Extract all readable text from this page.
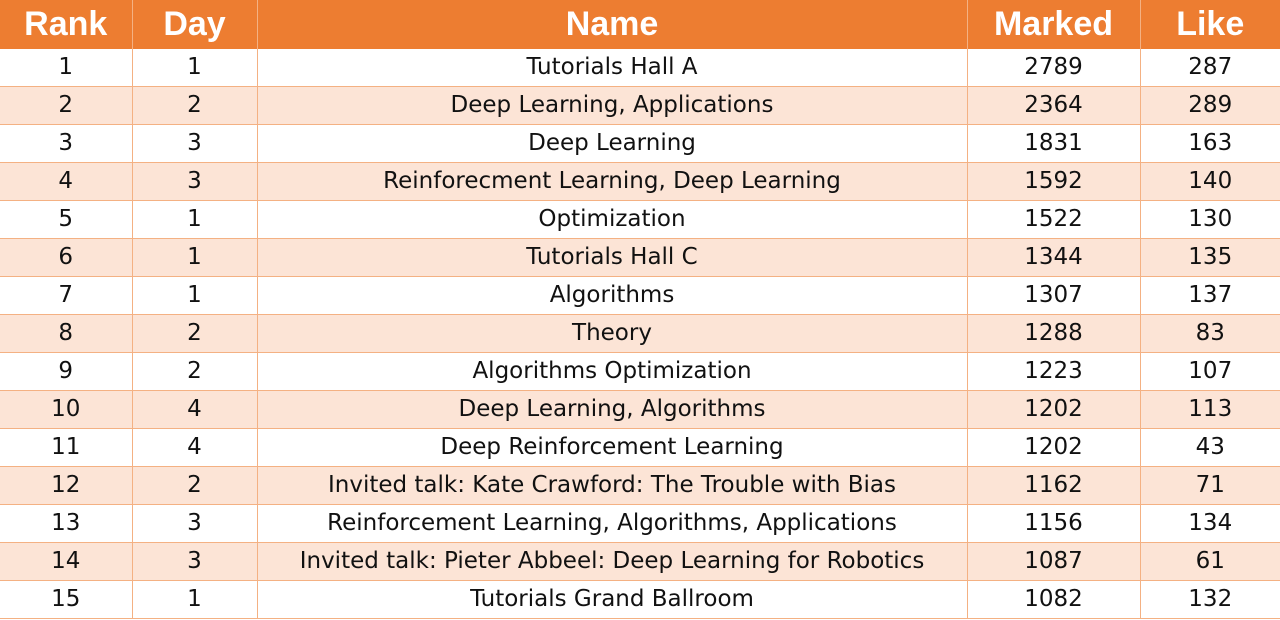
Rank	Day	Name	Marked	Like
1	1	Tutorials Hall A	2789	287
2	2	Deep Learning, Applications	2364	289
3	3	Deep Learning	1831	163
4	3	Reinforecment Learning, Deep Learning	1592	140
5	1	Optimization	1522	130
6	1	Tutorials Hall C	1344	135
7	1	Algorithms	1307	137
8	2	Theory	1288	83
9	2	Algorithms Optimization	1223	107
10	4	Deep Learning, Algorithms	1202	113
11	4	Deep Reinforcement Learning	1202	43
12	2	Invited talk: Kate Crawford: The Trouble with Bias	1162	71
13	3	Reinforcement Learning, Algorithms, Applications	1156	134
14	3	Invited talk: Pieter Abbeel: Deep Learning for Robotics	1087	61
15	1	Tutorials Grand Ballroom	1082	132
